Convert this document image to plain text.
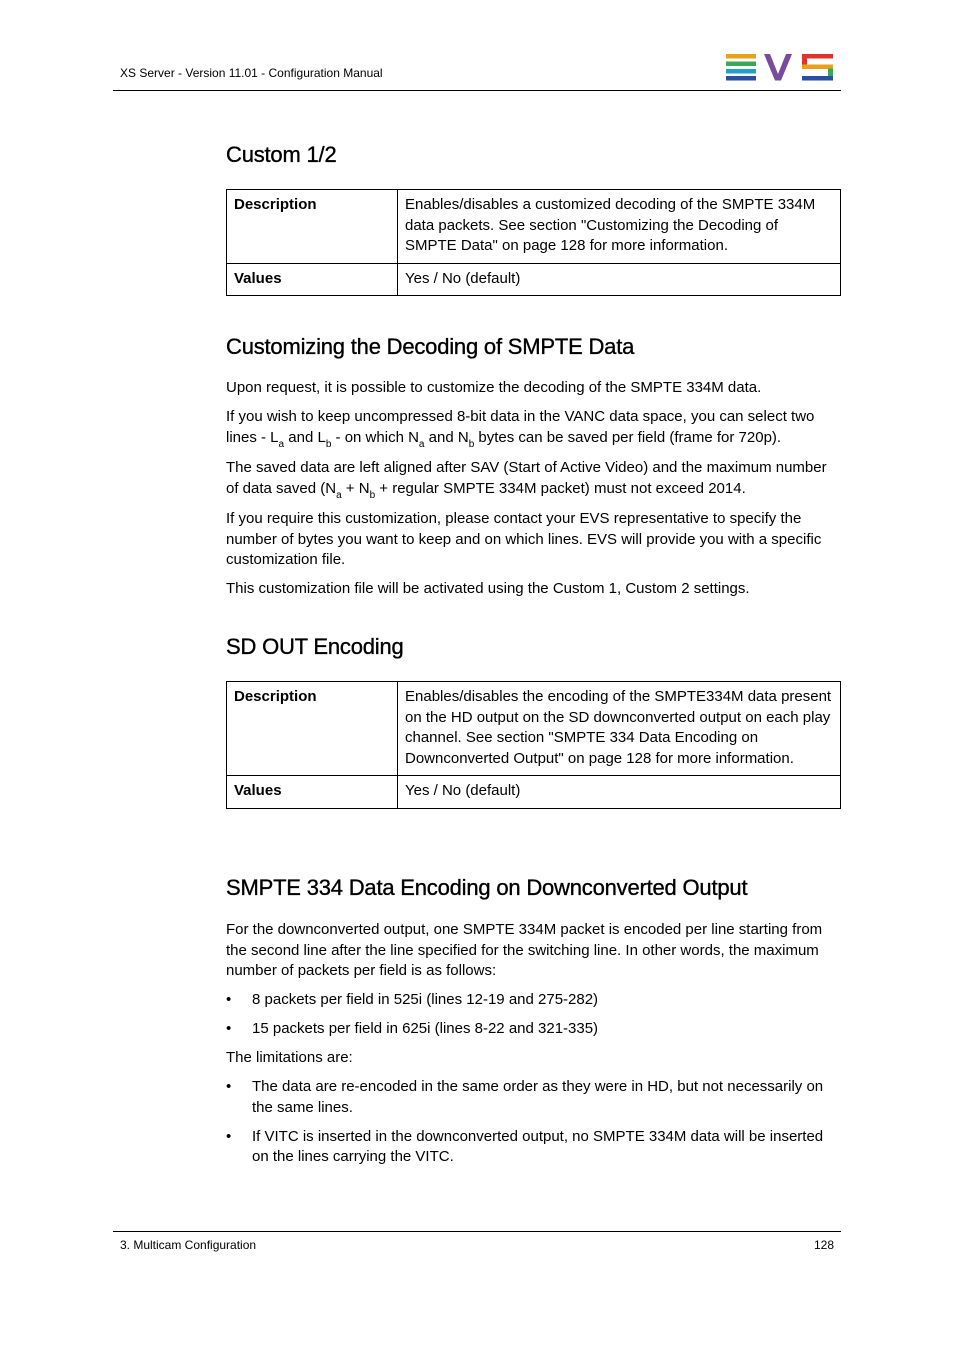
XS Server - Version 11.01 - Configuration Manual
Custom 1/2
Description	Enables/disables a customized decoding of the SMPTE 334M data packets. See section "Customizing the Decoding of SMPTE Data" on page 128 for more information.
Values	Yes / No (default)
Customizing the Decoding of SMPTE Data

Upon request, it is possible to customize the decoding of the SMPTE 334M data.

If you wish to keep uncompressed 8-bit data in the VANC data space, you can select two lines - $L_a$ and $L_b$ - on which $N_a$ and $N_b$ bytes can be saved per field (frame for 720p).

The saved data are left aligned after SAV (Start of Active Video) and the maximum number of data saved ($N_a + N_b$ + regular SMPTE 334M packet) must not exceed 2014.

If you require this customization, please contact your EVS representative to specify the number of bytes you want to keep and on which lines. EVS will provide you with a specific customization file.

This customization file will be activated using the Custom 1, Custom 2 settings.

SD OUT Encoding
Description	Enables/disables the encoding of the SMPTE334M data present on the HD output on the SD downconverted output on each play channel. See section "SMPTE 334 Data Encoding on Downconverted Output" on page 128 for more information.
Values	Yes / No (default)
SMPTE 334 Data Encoding on Downconverted Output

For the downconverted output, one SMPTE 334M packet is encoded per line starting from the second line after the line specified for the switching line. In other words, the maximum number of packets per field is as follows:

• 8 packets per field in 525i (lines 12-19 and 275-282)
• 15 packets per field in 625i (lines 8-22 and 321-335)

The limitations are:

• The data are re-encoded in the same order as they were in HD, but not necessarily on the same lines.
• If VITC is inserted in the downconverted output, no SMPTE 334M data will be inserted on the lines carrying the VITC.
3. Multicam Configuration	128
